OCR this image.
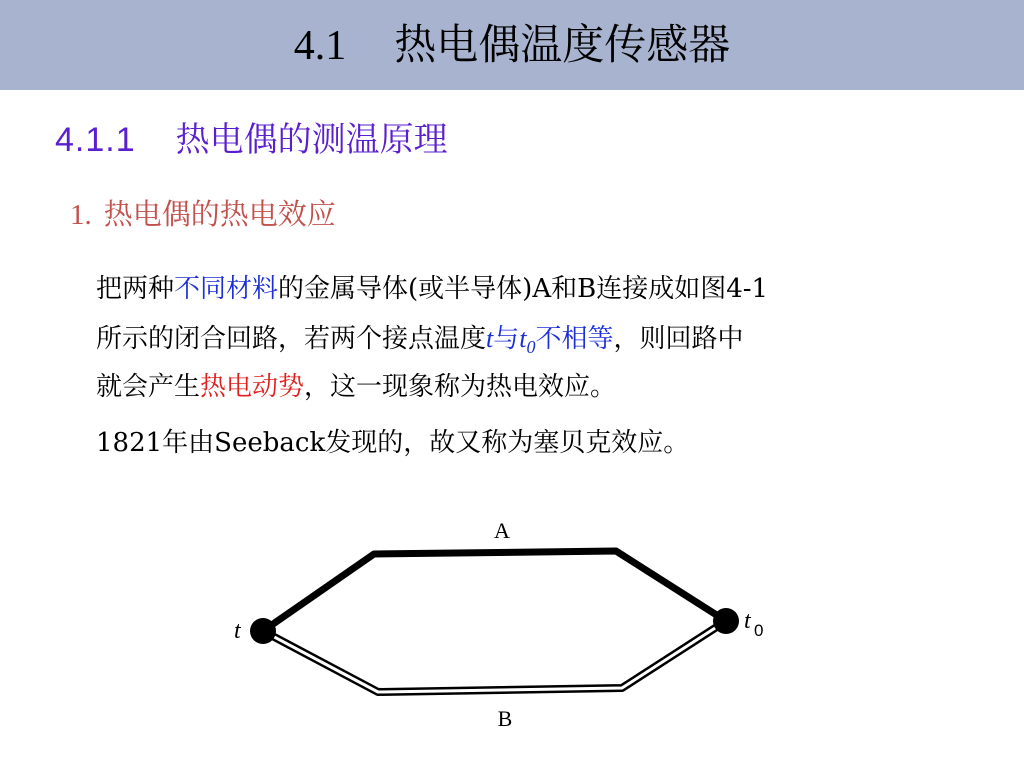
4.1 热电偶温度传感器
4.1.1 热电偶的测温原理
1. 热电偶的热电效应
把两种不同材料的金属导体(或半导体)A和B连接成如图4-1
所示的闭合回路，若两个接点温度t与$t_0$不相等，则回路中
就会产生热电动势，这一现象称为热电效应。
1821年由Seeback发现的，故又称为塞贝克效应。
A
B
t	t 0
